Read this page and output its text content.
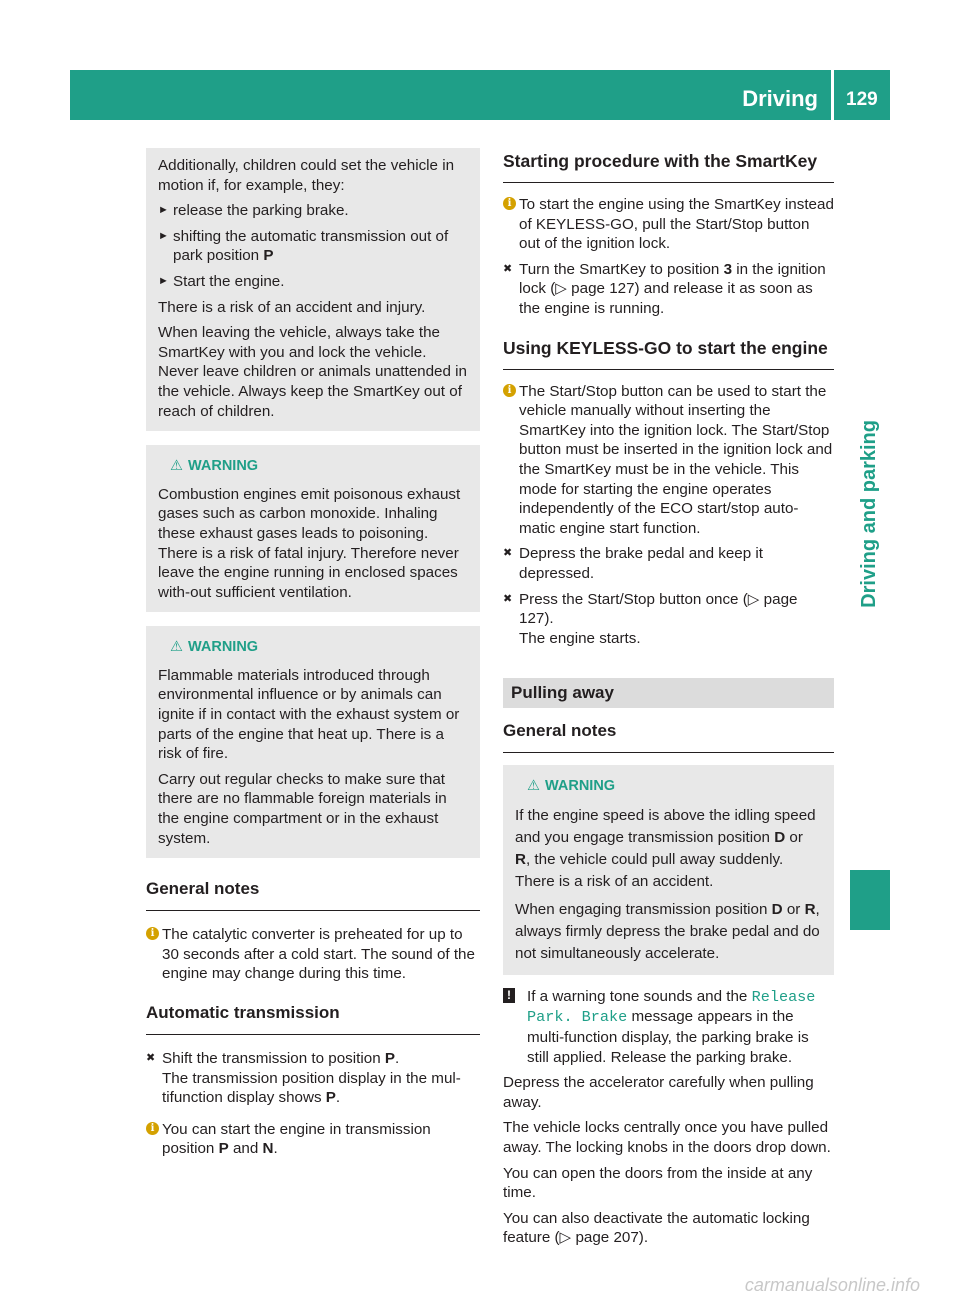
Driving 129
Driving and parking

Additionally, children could set the vehicle in motion if, for example, they:

► release the parking brake.
► shifting the automatic transmission out of park position P
► Start the engine.

There is a risk of an accident and injury.

When leaving the vehicle, always take the SmartKey with you and lock the vehicle. Never leave children or animals unattended in the vehicle. Always keep the SmartKey out of reach of children.

⚠ WARNING

Combustion engines emit poisonous exhaust gases such as carbon monoxide. Inhaling these exhaust gases leads to poisoning. There is a risk of fatal injury. Therefore never leave the engine running in enclosed spaces with-out sufficient ventilation.

⚠ WARNING

Flammable materials introduced through environmental influence or by animals can ignite if in contact with the exhaust system or parts of the engine that heat up. There is a risk of fire.

Carry out regular checks to make sure that there are no flammable foreign materials in the engine compartment or in the exhaust system.

General notes
i The catalytic converter is preheated for up to 30 seconds after a cold start. The sound of the engine may change during this time.
Automatic transmission
✖ Shift the transmission to position P.
The transmission position display in the mul-tifunction display shows P.
i You can start the engine in transmission position P and N.
Starting procedure with the SmartKey
i To start the engine using the SmartKey instead of KEYLESS-GO, pull the Start/Stop button out of the ignition lock.
✖ Turn the SmartKey to position 3 in the ignition lock (▷ page 127) and release it as soon as the engine is running.
Using KEYLESS-GO to start the engine
i The Start/Stop button can be used to start the vehicle manually without inserting the SmartKey into the ignition lock. The Start/Stop button must be inserted in the ignition lock and the SmartKey must be in the vehicle. This mode for starting the engine operates independently of the ECO start/stop auto-matic engine start function.
✖ Depress the brake pedal and keep it depressed.
✖ Press the Start/Stop button once (▷ page 127).
The engine starts.
Pulling away
General notes
⚠ WARNING

If the engine speed is above the idling speed and you engage transmission position D or R, the vehicle could pull away suddenly. There is a risk of an accident.

When engaging transmission position D or R, always firmly depress the brake pedal and do not simultaneously accelerate.

! If a warning tone sounds and the Release Park. Brake message appears in the multi-function display, the parking brake is still applied. Release the parking brake.

Depress the accelerator carefully when pulling away.

The vehicle locks centrally once you have pulled away. The locking knobs in the doors drop down.

You can open the doors from the inside at any time.

You can also deactivate the automatic locking feature (▷ page 207).

carmanualsonline.info
